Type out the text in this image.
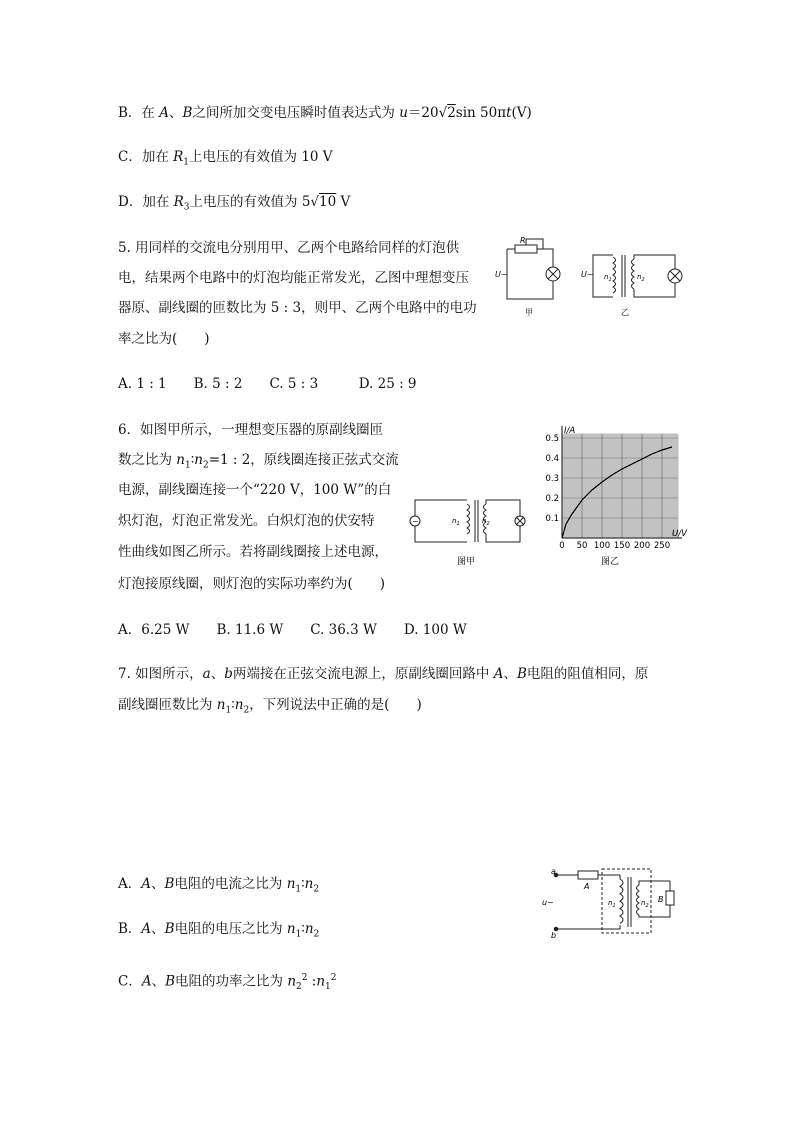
B．在 A、B之间所加交变电压瞬时值表达式为 u＝20√2sin 50πt(V)
C．加在 $R_1$上电压的有效值为 10 V
D．加在 $R_3$上电压的有效值为 5√10 V
5. 用同样的交流电分别用甲、乙两个电路给同样的灯泡供
电，结果两个电路中的灯泡均能正常发光，乙图中理想变压
器原、副线圈的匝数比为 5 : 3，则甲、乙两个电路中的电功
率之比为(　　)
A. 1 : 1　　B. 5 : 2　　C. 5 : 3　　　D. 25 : 9
R
U~	U~ $n_1$	$n_2$
甲	乙
6．如图甲所示，一理想变压器的原副线圈匝
数之比为 $n_1∶n_2=1$ : 2，原线圈连接正弦式交流
电源，副线圈连接一个“220 V，100 W”的白
炽灯泡，灯泡正常发光。白炽灯泡的伏安特
性曲线如图乙所示。若将副线圈接上述电源，
灯泡接原线圈，则灯泡的实际功率约为(　　)
A．6.25 W　　B. 11.6 W　　C. 36.3 W　　D. 100 W
~	$n_1$	$n_2$
图甲
0 50 100 150 200 250
0.1
0.2
0.3
0.4
0.5
U/V
I/A
图乙
7. 如图所示，a、b两端接在正弦交流电源上，原副线圈回路中 A、B电阻的阻值相同，原
副线圈匝数比为 $n_1∶n_2$，下列说法中正确的是(　　)
A．A、B电阻的电流之比为 $n_1∶n_2$
B．A、B电阻的电压之比为 $n_1∶n_2$
C．A、B电阻的功率之比为 $n_2^2$ $:n_1^2$
a
b
u~
A
B
$n_1$	$n_2$
